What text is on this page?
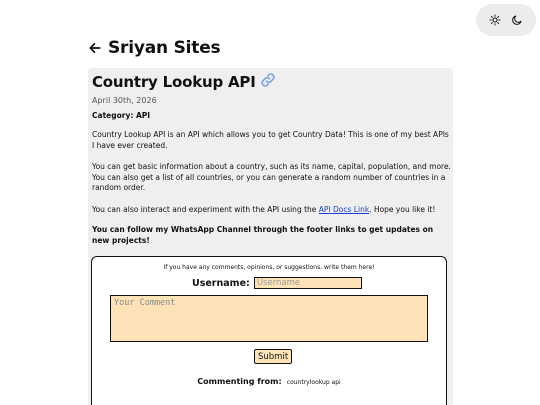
Sriyan Sites
Country Lookup API
April 30th, 2026
Category: API

Country Lookup API is an API which allows you to get Country Data! This is one of my best APIs I have ever created.

You can get basic information about a country, such as its name, capital, population, and more. You can also get a list of all countries, or you can generate a random number of countries in a random order.

You can also interact and experiment with the API using the API Docs Link. Hope you like it!

You can follow my WhatsApp Channel through the footer links to get updates on new projects!

If you have any comments, opinions, or suggestions, write them here!
Username:
Username
Your Comment
Submit
Commenting from: countrylookup api
